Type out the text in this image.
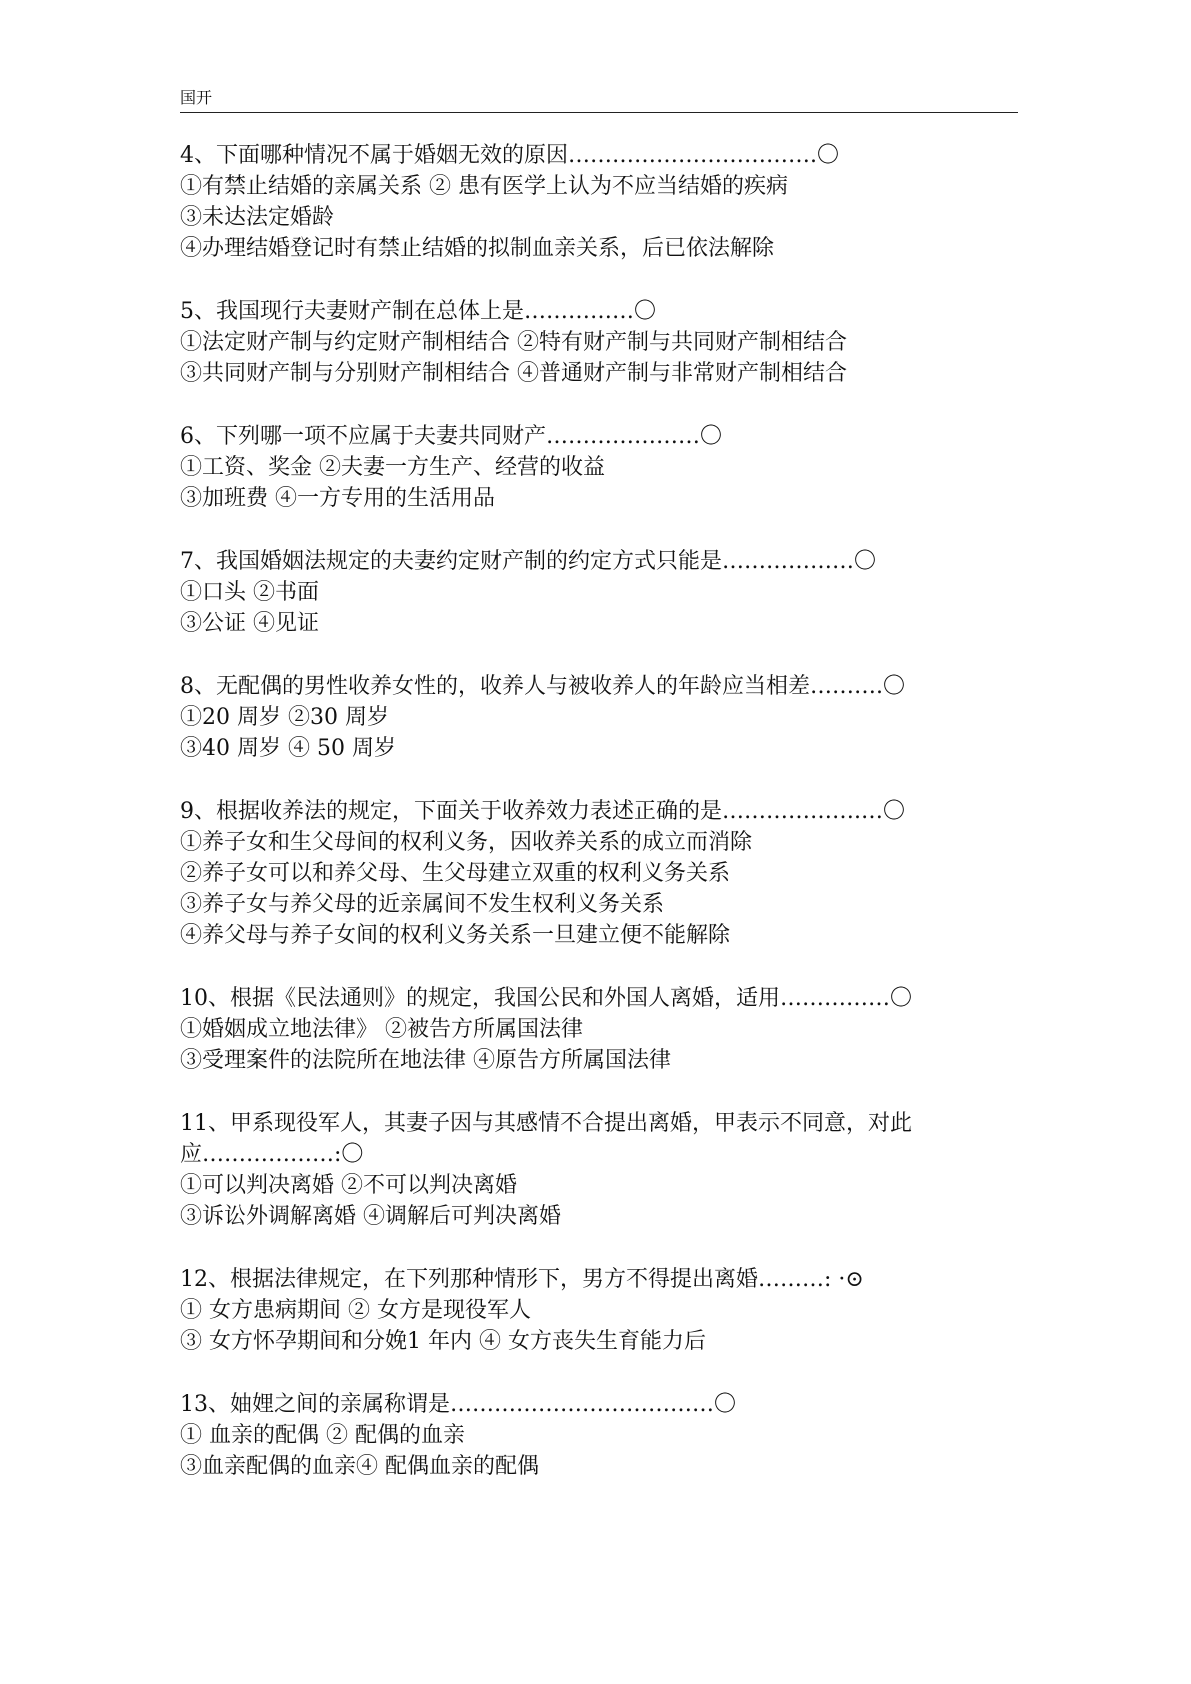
国开
4、下面哪种情况不属于婚姻无效的原因…………………………….〇
①有禁止结婚的亲属关系 ② 患有医学上认为不应当结婚的疾病
③未达法定婚龄
④办理结婚登记时有禁止结婚的拟制血亲关系，后已依法解除
5、我国现行夫妻财产制在总体上是……………〇
①法定财产制与约定财产制相结合 ②特有财产制与共同财产制相结合
③共同财产制与分别财产制相结合 ④普通财产制与非常财产制相结合
6、下列哪一项不应属于夫妻共同财产…………………〇
①工资、奖金 ②夫妻一方生产、经营的收益
③加班费 ④一方专用的生活用品
7、我国婚姻法规定的夫妻约定财产制的约定方式只能是………………〇
①口头 ②书面
③公证 ④见证
8、无配偶的男性收养女性的，收养人与被收养人的年龄应当相差……….〇
①20 周岁 ②30 周岁
③40 周岁 ④ 50 周岁
9、根据收养法的规定，下面关于收养效力表述正确的是……………….…〇
①养子女和生父母间的权利义务，因收养关系的成立而消除
②养子女可以和养父母、生父母建立双重的权利义务关系
③养子女与养父母的近亲属间不发生权利义务关系
④养父母与养子女间的权利义务关系一旦建立便不能解除
10、根据《民法通则》的规定，我国公民和外国人离婚，适用……………〇
①婚姻成立地法律》 ②被告方所属国法律
③受理案件的法院所在地法律 ④原告方所属国法律
11、甲系现役军人，其妻子因与其感情不合提出离婚，甲表示不同意，对此
应………………:〇
①可以判决离婚 ②不可以判决离婚
③诉讼外调解离婚 ④调解后可判决离婚
12、根据法律规定，在下列那种情形下，男方不得提出离婚………: ·⊙
① 女方患病期间 ② 女方是现役军人
③ 女方怀孕期间和分娩1 年内 ④ 女方丧失生育能力后
13、妯娌之间的亲属称谓是………………………………〇
① 血亲的配偶 ② 配偶的血亲
③血亲配偶的血亲④ 配偶血亲的配偶
